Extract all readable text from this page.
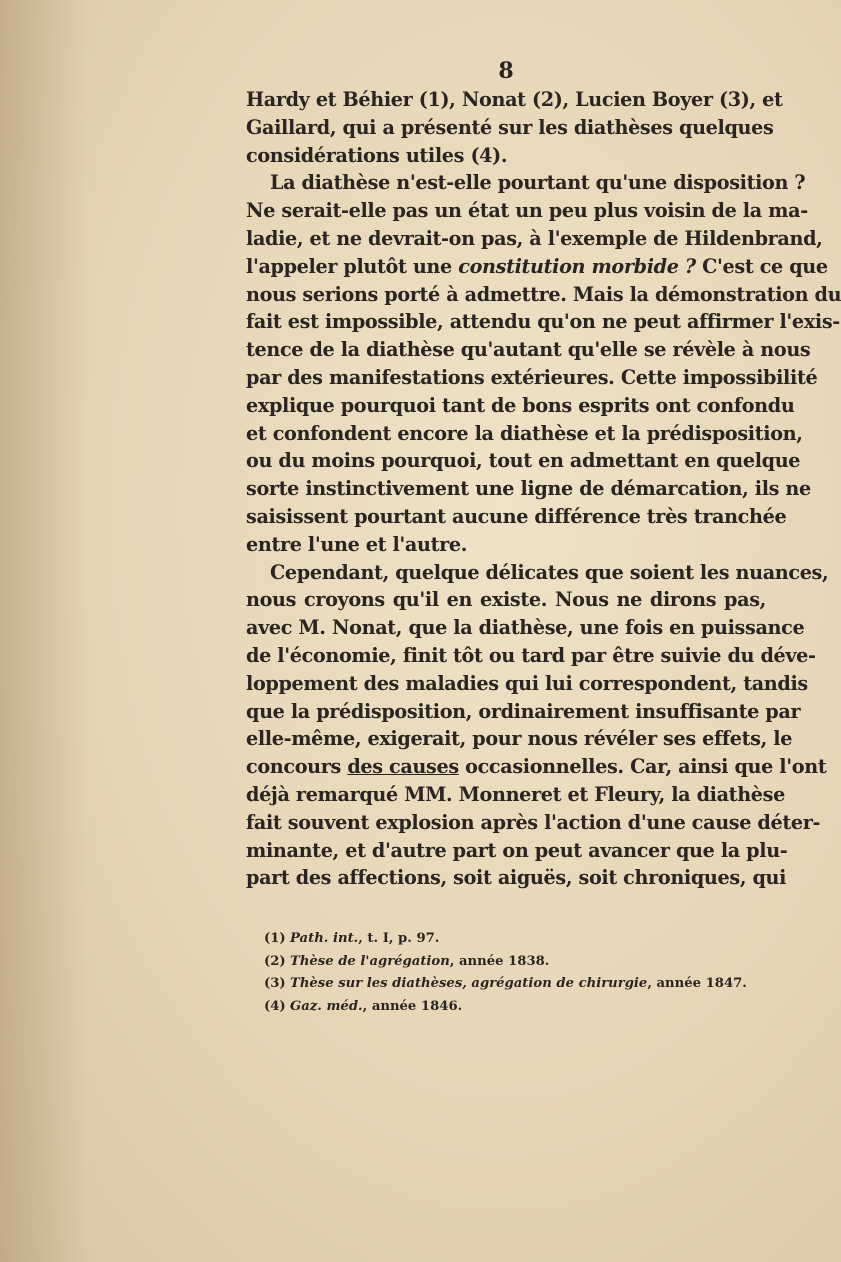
8

Hardy et Béhier (1), Nonat (2), Lucien Boyer (3), et
Gaillard, qui a présenté sur les diathèses quelques
considérations utiles (4).

La diathèse n'est-elle pourtant qu'une disposition ?
Ne serait-elle pas un état un peu plus voisin de la ma-
ladie, et ne devrait-on pas, à l'exemple de Hildenbrand,
l'appeler plutôt une constitution morbide ? C'est ce que
nous serions porté à admettre. Mais la démonstration du
fait est impossible, attendu qu'on ne peut affirmer l'exis-
tence de la diathèse qu'autant qu'elle se révèle à nous
par des manifestations extérieures. Cette impossibilité
explique pourquoi tant de bons esprits ont confondu
et confondent encore la diathèse et la prédisposition,
ou du moins pourquoi, tout en admettant en quelque
sorte instinctivement une ligne de démarcation, ils ne
saisissent pourtant aucune différence très tranchée
entre l'une et l'autre.

Cependant, quelque délicates que soient les nuances,
nous croyons qu'il en existe. Nous ne dirons pas,
avec M. Nonat, que la diathèse, une fois en puissance
de l'économie, finit tôt ou tard par être suivie du déve-
loppement des maladies qui lui correspondent, tandis
que la prédisposition, ordinairement insuffisante par
elle-même, exigerait, pour nous révéler ses effets, le
concours des causes occasionnelles. Car, ainsi que l'ont
déjà remarqué MM. Monneret et Fleury, la diathèse
fait souvent explosion après l'action d'une cause déter-
minante, et d'autre part on peut avancer que la plu-
part des affections, soit aiguës, soit chroniques, qui

(1) Path. int., t. I, p. 97.
(2) Thèse de l'agrégation, année 1838.
(3) Thèse sur les diathèses, agrégation de chirurgie, année 1847.
(4) Gaz. méd., année 1846.
